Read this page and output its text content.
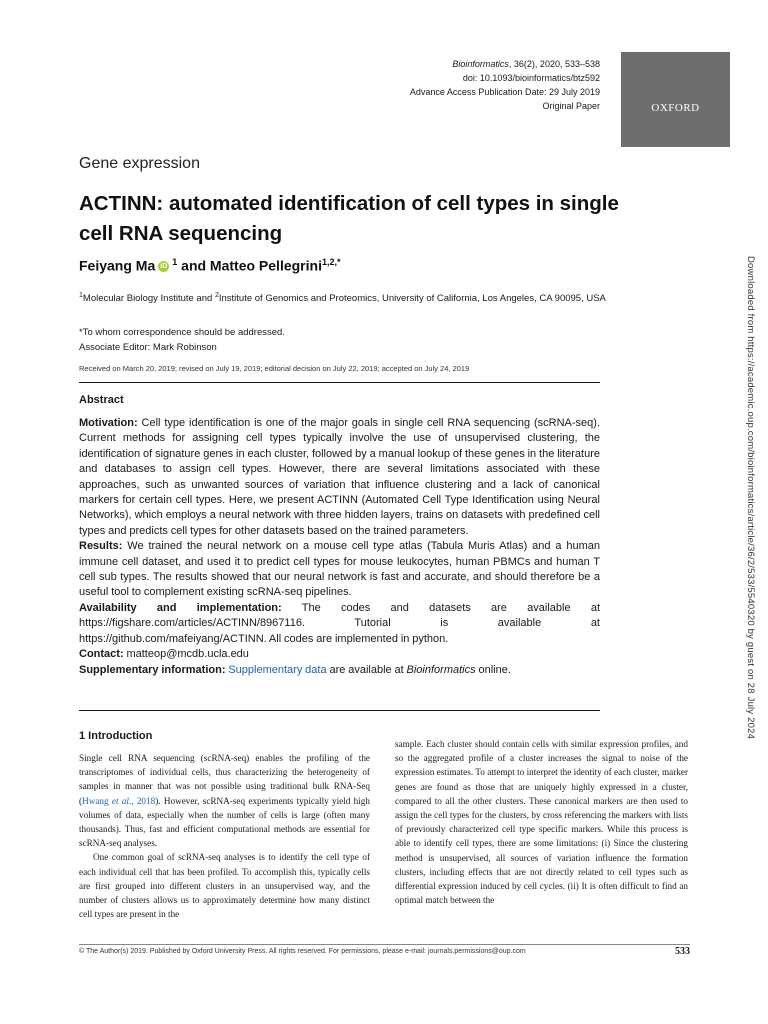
Bioinformatics, 36(2), 2020, 533–538
doi: 10.1093/bioinformatics/btz592
Advance Access Publication Date: 29 July 2019
Original Paper	OXFORD
Gene expression
ACTINN: automated identification of cell types in single cell RNA sequencing
Feiyang Ma iD $^1$ and Matteo Pellegrini$^{1,2,*}$
$^1$Molecular Biology Institute and $^2$Institute of Genomics and Proteomics, University of California, Los Angeles, CA 90095, USA
*To whom correspondence should be addressed.
Associate Editor: Mark Robinson
Received on March 20, 2019; revised on July 19, 2019; editorial decision on July 22, 2019; accepted on July 24, 2019
Abstract

Motivation: Cell type identification is one of the major goals in single cell RNA sequencing (scRNA-seq). Current methods for assigning cell types typically involve the use of unsupervised clustering, the identification of signature genes in each cluster, followed by a manual lookup of these genes in the literature and databases to assign cell types. However, there are several limitations associated with these approaches, such as unwanted sources of variation that influence clustering and a lack of canonical markers for certain cell types. Here, we present ACTINN (Automated Cell Type Identification using Neural Networks), which employs a neural network with three hidden layers, trains on datasets with predefined cell types and predicts cell types for other datasets based on the trained parameters.

Results: We trained the neural network on a mouse cell type atlas (Tabula Muris Atlas) and a human immune cell dataset, and used it to predict cell types for mouse leukocytes, human PBMCs and human T cell sub types. The results showed that our neural network is fast and accurate, and should therefore be a useful tool to complement existing scRNA-seq pipelines.

Availability and implementation: The codes and datasets are available at https://figshare.com/articles/ACTINN/8967116. Tutorial is available at https://github.com/mafeiyang/ACTINN. All codes are implemented in python.

Contact: matteop@mcdb.ucla.edu

Supplementary information: Supplementary data are available at Bioinformatics online.

1 Introduction

Single cell RNA sequencing (scRNA-seq) enables the profiling of the transcriptomes of individual cells, thus characterizing the heterogeneity of samples in manner that was not possible using traditional bulk RNA-Seq (Hwang et al., 2018). However, scRNA-seq experiments typically yield high volumes of data, especially when the number of cells is large (often many thousands). Thus, fast and efficient computational methods are essential for scRNA-seq analyses.

One common goal of scRNA-seq analyses is to identify the cell type of each individual cell that has been profiled. To accomplish this, typically cells are first grouped into different clusters in an unsupervised way, and the number of clusters allows us to approximately determine how many distinct cell types are present in the

sample. Each cluster should contain cells with similar expression profiles, and so the aggregated profile of a cluster increases the signal to noise of the expression estimates. To attempt to interpret the identity of each cluster, marker genes are found as those that are uniquely highly expressed in a cluster, compared to all the other clusters. These canonical markers are then used to assign the cell types for the clusters, by cross referencing the markers with lists of previously characterized cell type specific markers. While this process is able to identify cell types, there are some limitations: (i) Since the clustering method is unsupervised, all sources of variation influence the formation clusters, including effects that are not directly related to cell types such as differential expression induced by cell cycles. (ii) It is often difficult to find an optimal match between the

© The Author(s) 2019. Published by Oxford University Press. All rights reserved. For permissions, please e-mail: journals.permissions@oup.com	533
Downloaded from https://academic.oup.com/bioinformatics/article/36/2/533/5540320 by guest on 28 July 2024
